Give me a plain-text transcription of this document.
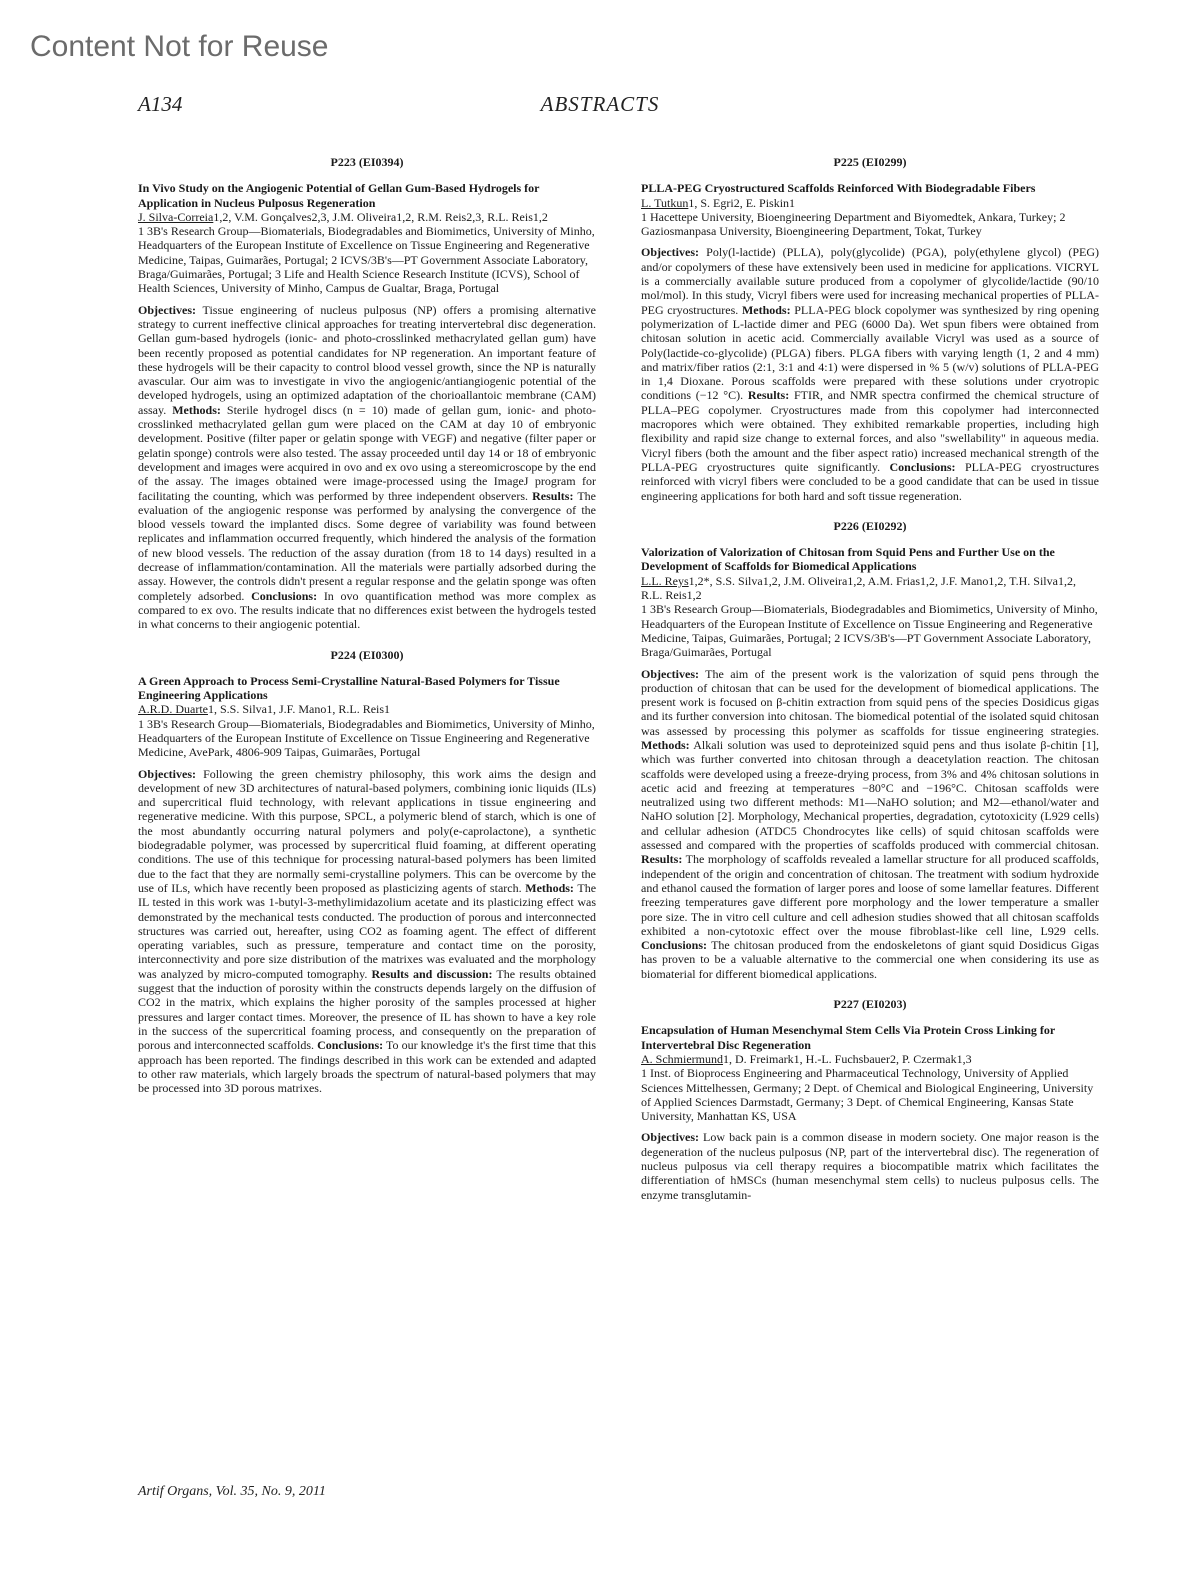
Content Not for Reuse
A134	ABSTRACTS

P223 (EI0394)

In Vivo Study on the Angiogenic Potential of Gellan Gum-Based Hydrogels for Application in Nucleus Pulposus Regeneration

J. Silva-Correia1,2, V.M. Gonçalves2,3, J.M. Oliveira1,2, R.M. Reis2,3, R.L. Reis1,2

1 3B's Research Group—Biomaterials, Biodegradables and Biomimetics, University of Minho, Headquarters of the European Institute of Excellence on Tissue Engineering and Regenerative Medicine, Taipas, Guimarães, Portugal; 2 ICVS/3B's—PT Government Associate Laboratory, Braga/Guimarães, Portugal; 3 Life and Health Science Research Institute (ICVS), School of Health Sciences, University of Minho, Campus de Gualtar, Braga, Portugal

Objectives: Tissue engineering of nucleus pulposus (NP) offers a promising alternative strategy to current ineffective clinical approaches for treating intervertebral disc degeneration. Gellan gum-based hydrogels (ionic- and photo-crosslinked methacrylated gellan gum) have been recently proposed as potential candidates for NP regeneration. An important feature of these hydrogels will be their capacity to control blood vessel growth, since the NP is naturally avascular. Our aim was to investigate in vivo the angiogenic/antiangiogenic potential of the developed hydrogels, using an optimized adaptation of the chorioallantoic membrane (CAM) assay. Methods: Sterile hydrogel discs (n = 10) made of gellan gum, ionic- and photo-crosslinked methacrylated gellan gum were placed on the CAM at day 10 of embryonic development. Positive (filter paper or gelatin sponge with VEGF) and negative (filter paper or gelatin sponge) controls were also tested. The assay proceeded until day 14 or 18 of embryonic development and images were acquired in ovo and ex ovo using a stereomicroscope by the end of the assay. The images obtained were image-processed using the ImageJ program for facilitating the counting, which was performed by three independent observers. Results: The evaluation of the angiogenic response was performed by analysing the convergence of the blood vessels toward the implanted discs. Some degree of variability was found between replicates and inflammation occurred frequently, which hindered the analysis of the formation of new blood vessels. The reduction of the assay duration (from 18 to 14 days) resulted in a decrease of inflammation/contamination. All the materials were partially adsorbed during the assay. However, the controls didn't present a regular response and the gelatin sponge was often completely adsorbed. Conclusions: In ovo quantification method was more complex as compared to ex ovo. The results indicate that no differences exist between the hydrogels tested in what concerns to their angiogenic potential.

P224 (EI0300)

A Green Approach to Process Semi-Crystalline Natural-Based Polymers for Tissue Engineering Applications

A.R.D. Duarte1, S.S. Silva1, J.F. Mano1, R.L. Reis1

1 3B's Research Group—Biomaterials, Biodegradables and Biomimetics, University of Minho, Headquarters of the European Institute of Excellence on Tissue Engineering and Regenerative Medicine, AvePark, 4806-909 Taipas, Guimarães, Portugal

Objectives: Following the green chemistry philosophy, this work aims the design and development of new 3D architectures of natural-based polymers, combining ionic liquids (ILs) and supercritical fluid technology, with relevant applications in tissue engineering and regenerative medicine. With this purpose, SPCL, a polymeric blend of starch, which is one of the most abundantly occurring natural polymers and poly(e-caprolactone), a synthetic biodegradable polymer, was processed by supercritical fluid foaming, at different operating conditions. The use of this technique for processing natural-based polymers has been limited due to the fact that they are normally semi-crystalline polymers. This can be overcome by the use of ILs, which have recently been proposed as plasticizing agents of starch. Methods: The IL tested in this work was 1-butyl-3-methylimidazolium acetate and its plasticizing effect was demonstrated by the mechanical tests conducted. The production of porous and interconnected structures was carried out, hereafter, using CO2 as foaming agent. The effect of different operating variables, such as pressure, temperature and contact time on the porosity, interconnectivity and pore size distribution of the matrixes was evaluated and the morphology was analyzed by micro-computed tomography. Results and discussion: The results obtained suggest that the induction of porosity within the constructs depends largely on the diffusion of CO2 in the matrix, which explains the higher porosity of the samples processed at higher pressures and larger contact times. Moreover, the presence of IL has shown to have a key role in the success of the supercritical foaming process, and consequently on the preparation of porous and interconnected scaffolds. Conclusions: To our knowledge it's the first time that this approach has been reported. The findings described in this work can be extended and adapted to other raw materials, which largely broads the spectrum of natural-based polymers that may be processed into 3D porous matrixes.

P225 (EI0299)

PLLA-PEG Cryostructured Scaffolds Reinforced With Biodegradable Fibers

L. Tutkun1, S. Egri2, E. Piskin1

1 Hacettepe University, Bioengineering Department and Biyomedtek, Ankara, Turkey; 2 Gaziosmanpasa University, Bioengineering Department, Tokat, Turkey

Objectives: Poly(l-lactide) (PLLA), poly(glycolide) (PGA), poly(ethylene glycol) (PEG) and/or copolymers of these have extensively been used in medicine for applications. VICRYL is a commercially available suture produced from a copolymer of glycolide/lactide (90/10 mol/mol). In this study, Vicryl fibers were used for increasing mechanical properties of PLLA-PEG cryostructures. Methods: PLLA-PEG block copolymer was synthesized by ring opening polymerization of L-lactide dimer and PEG (6000 Da). Wet spun fibers were obtained from chitosan solution in acetic acid. Commercially available Vicryl was used as a source of Poly(lactide-co-glycolide) (PLGA) fibers. PLGA fibers with varying length (1, 2 and 4 mm) and matrix/fiber ratios (2:1, 3:1 and 4:1) were dispersed in % 5 (w/v) solutions of PLLA-PEG in 1,4 Dioxane. Porous scaffolds were prepared with these solutions under cryotropic conditions (−12 °C). Results: FTIR, and NMR spectra confirmed the chemical structure of PLLA–PEG copolymer. Cryostructures made from this copolymer had interconnected macropores which were obtained. They exhibited remarkable properties, including high flexibility and rapid size change to external forces, and also "swellability" in aqueous media. Vicryl fibers (both the amount and the fiber aspect ratio) increased mechanical strength of the PLLA-PEG cryostructures quite significantly. Conclusions: PLLA-PEG cryostructures reinforced with vicryl fibers were concluded to be a good candidate that can be used in tissue engineering applications for both hard and soft tissue regeneration.

P226 (EI0292)

Valorization of Valorization of Chitosan from Squid Pens and Further Use on the Development of Scaffolds for Biomedical Applications

L.L. Reys1,2*, S.S. Silva1,2, J.M. Oliveira1,2, A.M. Frias1,2, J.F. Mano1,2, T.H. Silva1,2, R.L. Reis1,2

1 3B's Research Group—Biomaterials, Biodegradables and Biomimetics, University of Minho, Headquarters of the European Institute of Excellence on Tissue Engineering and Regenerative Medicine, Taipas, Guimarães, Portugal; 2 ICVS/3B's—PT Government Associate Laboratory, Braga/Guimarães, Portugal

Objectives: The aim of the present work is the valorization of squid pens through the production of chitosan that can be used for the development of biomedical applications. The present work is focused on β-chitin extraction from squid pens of the species Dosidicus gigas and its further conversion into chitosan. The biomedical potential of the isolated squid chitosan was assessed by processing this polymer as scaffolds for tissue engineering strategies. Methods: Alkali solution was used to deproteinized squid pens and thus isolate β-chitin [1], which was further converted into chitosan through a deacetylation reaction. The chitosan scaffolds were developed using a freeze-drying process, from 3% and 4% chitosan solutions in acetic acid and freezing at temperatures −80°C and −196°C. Chitosan scaffolds were neutralized using two different methods: M1—NaHO solution; and M2—ethanol/water and NaHO solution [2]. Morphology, Mechanical properties, degradation, cytotoxicity (L929 cells) and cellular adhesion (ATDC5 Chondrocytes like cells) of squid chitosan scaffolds were assessed and compared with the properties of scaffolds produced with commercial chitosan. Results: The morphology of scaffolds revealed a lamellar structure for all produced scaffolds, independent of the origin and concentration of chitosan. The treatment with sodium hydroxide and ethanol caused the formation of larger pores and loose of some lamellar features. Different freezing temperatures gave different pore morphology and the lower temperature a smaller pore size. The in vitro cell culture and cell adhesion studies showed that all chitosan scaffolds exhibited a non-cytotoxic effect over the mouse fibroblast-like cell line, L929 cells. Conclusions: The chitosan produced from the endoskeletons of giant squid Dosidicus Gigas has proven to be a valuable alternative to the commercial one when considering its use as biomaterial for different biomedical applications.

P227 (EI0203)

Encapsulation of Human Mesenchymal Stem Cells Via Protein Cross Linking for Intervertebral Disc Regeneration

A. Schmiermund1, D. Freimark1, H.-L. Fuchsbauer2, P. Czermak1,3

1 Inst. of Bioprocess Engineering and Pharmaceutical Technology, University of Applied Sciences Mittelhessen, Germany; 2 Dept. of Chemical and Biological Engineering, University of Applied Sciences Darmstadt, Germany; 3 Dept. of Chemical Engineering, Kansas State University, Manhattan KS, USA

Objectives: Low back pain is a common disease in modern society. One major reason is the degeneration of the nucleus pulposus (NP, part of the intervertebral disc). The regeneration of nucleus pulposus via cell therapy requires a biocompatible matrix which facilitates the differentiation of hMSCs (human mesenchymal stem cells) to nucleus pulposus cells. The enzyme transglutamin-

Artif Organs, Vol. 35, No. 9, 2011
